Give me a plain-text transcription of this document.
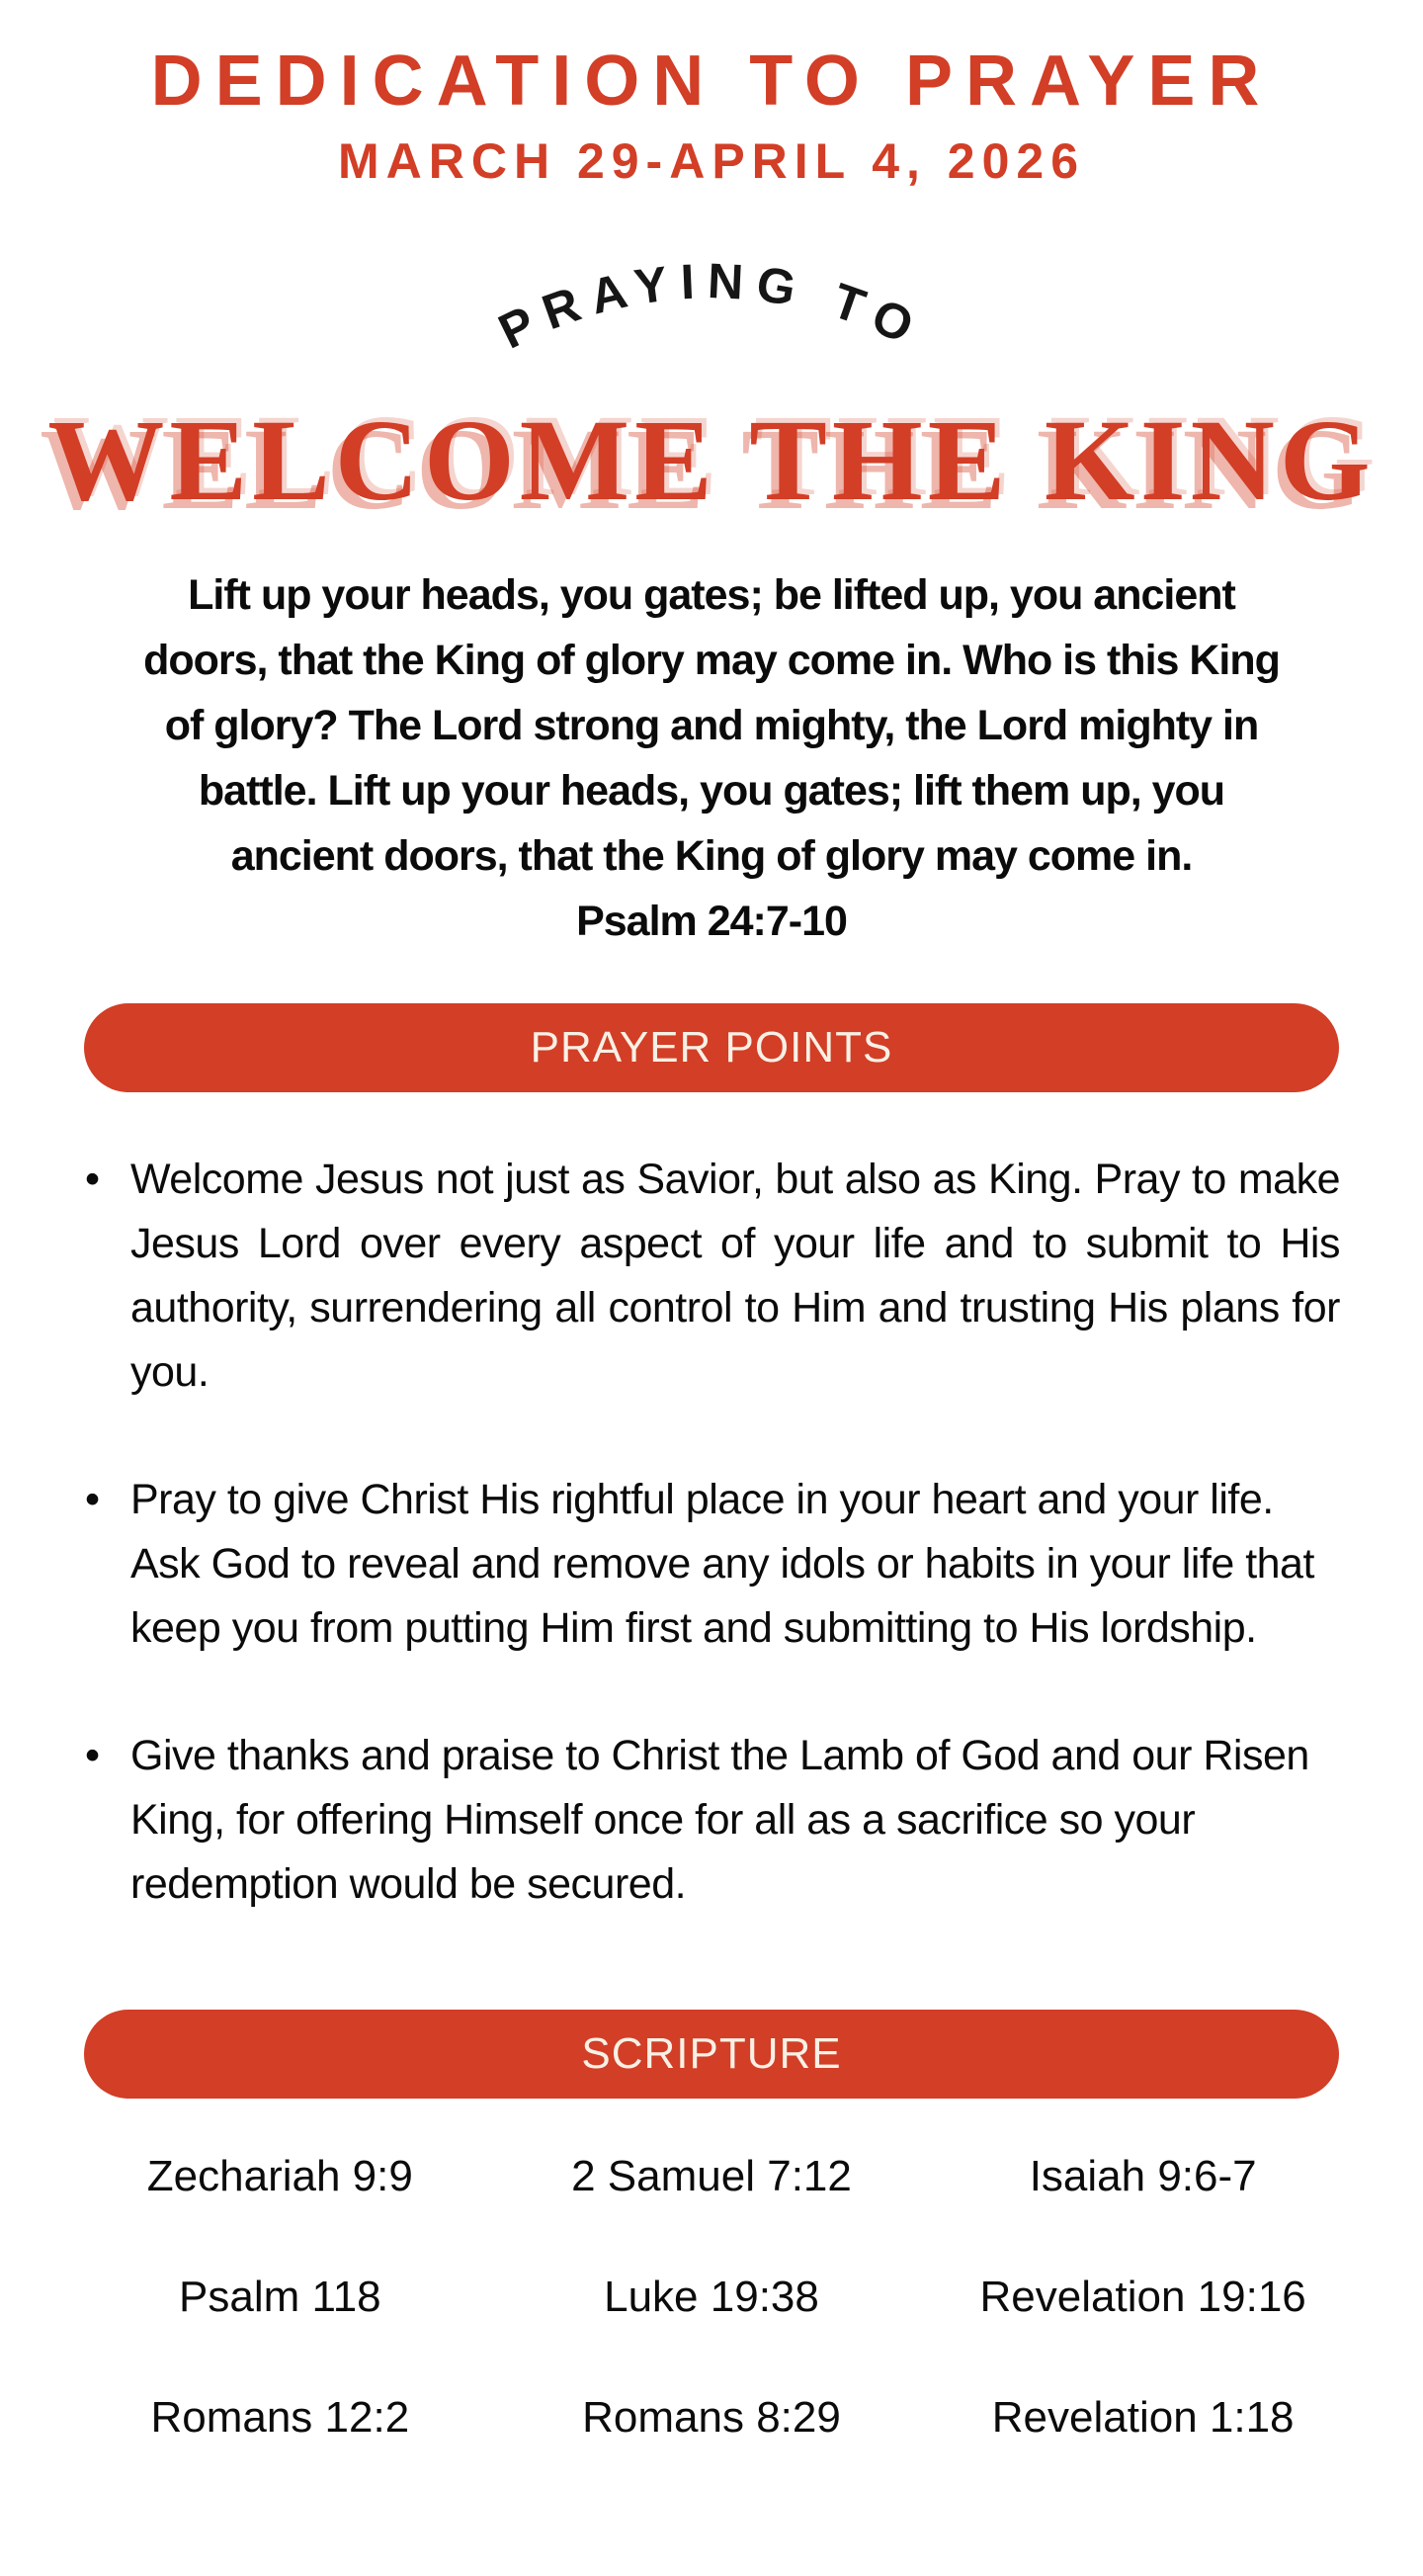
DEDICATION TO PRAYER
MARCH 29-APRIL 4, 2026
PRAYING TO
WELCOME THE KING
Lift up your heads, you gates; be lifted up, you ancient
doors, that the King of glory may come in. Who is this King
of glory? The Lord strong and mighty, the Lord mighty in
battle. Lift up your heads, you gates; lift them up, you
ancient doors, that the King of glory may come in.
Psalm 24:7-10
PRAYER POINTS
• Welcome Jesus not just as Savior, but also as King. Pray to make Jesus Lord over every aspect of your life and to submit to His authority, surrendering all control to Him and trusting His plans for you.
• Pray to give Christ His rightful place in your heart and your life. Ask God to reveal and remove any idols or habits in your life that keep you from putting Him first and submitting to His lordship.
• Give thanks and praise to Christ the Lamb of God and our Risen King, for offering Himself once for all as a sacrifice so your redemption would be secured.
SCRIPTURE
Zechariah 9:9	2 Samuel 7:12	Isaiah 9:6-7
Psalm 118	Luke 19:38	Revelation 19:16
Romans 12:2	Romans 8:29	Revelation 1:18
